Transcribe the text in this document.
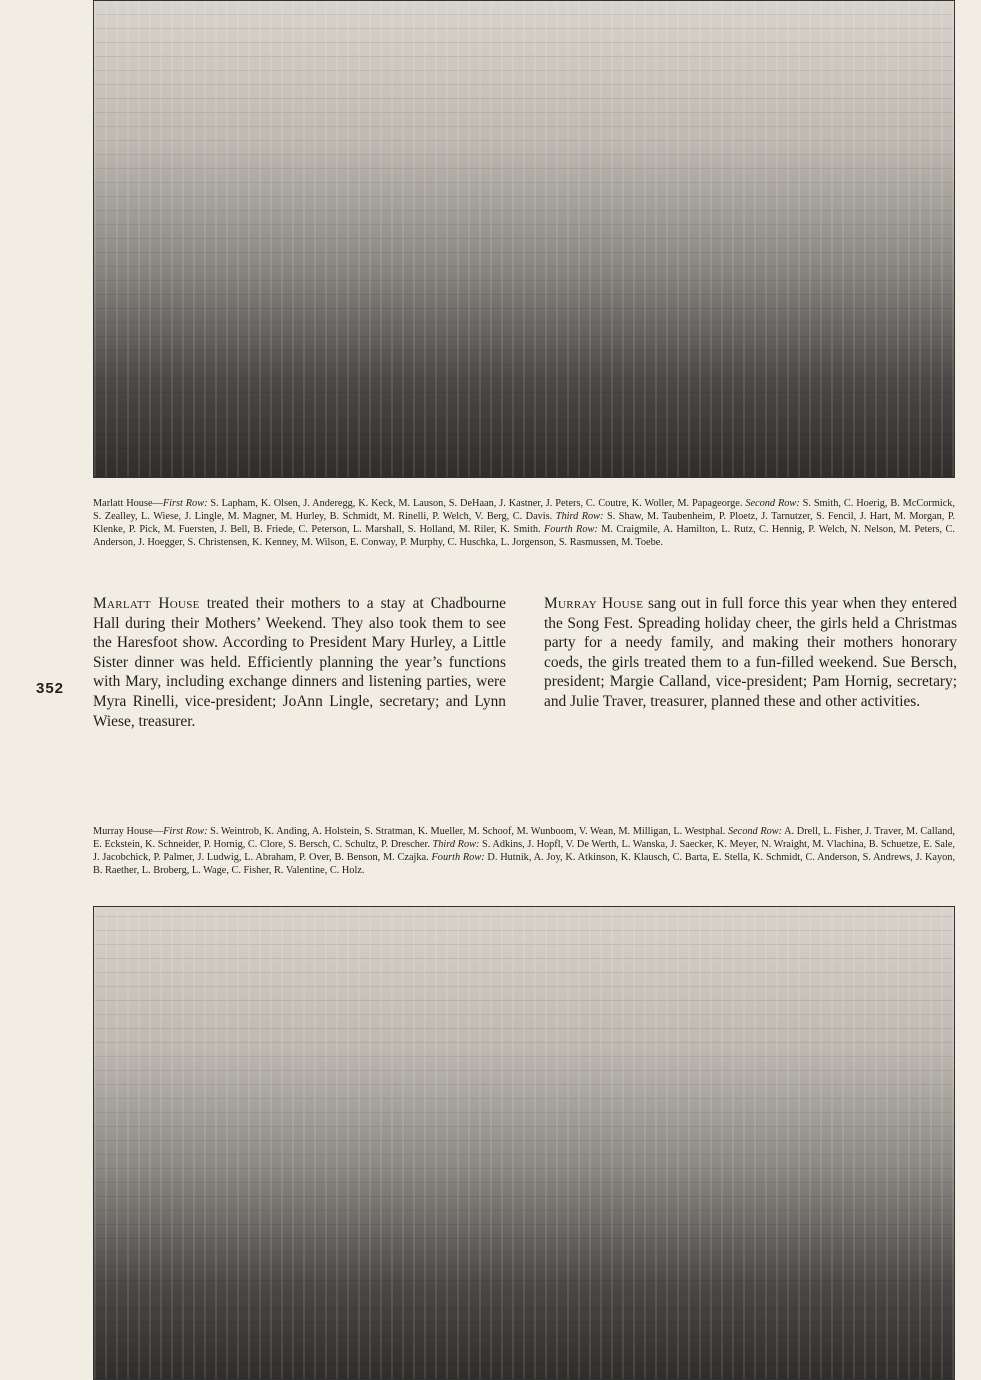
Marlatt House—First Row: S. Lapham, K. Olsen, J. Anderegg, K. Keck, M. Lauson, S. DeHaan, J. Kastner, J. Peters, C. Coutre, K. Woller, M. Papageorge. Second Row: S. Smith, C. Hoerig, B. McCormick, S. Zealley, L. Wiese, J. Lingle, M. Magner, M. Hurley, B. Schmidt, M. Rinelli, P. Welch, V. Berg, C. Davis. Third Row: S. Shaw, M. Taubenheim, P. Ploetz, J. Tarnutzer, S. Fencil, J. Hart, M. Morgan, P. Klenke, P. Pick, M. Fuersten, J. Bell, B. Friede, C. Peterson, L. Marshall, S. Holland, M. Riler, K. Smith. Fourth Row: M. Craigmile, A. Hamilton, L. Rutz, C. Hennig, P. Welch, N. Nelson, M. Peters, C. Anderson, J. Hoegger, S. Christensen, K. Kenney, M. Wilson, E. Conway, P. Murphy, C. Huschka, L. Jorgenson, S. Rasmussen, M. Toebe.

Marlatt House treated their mothers to a stay at Chadbourne Hall during their Mothers’ Weekend. They also took them to see the Haresfoot show. According to President Mary Hurley, a Little Sister dinner was held. Efficiently planning the year’s functions with Mary, including exchange dinners and listening parties, were Myra Rinelli, vice-president; JoAnn Lingle, secretary; and Lynn Wiese, treasurer.

Murray House sang out in full force this year when they entered the Song Fest. Spreading holiday cheer, the girls held a Christmas party for a needy family, and making their mothers honorary coeds, the girls treated them to a fun-filled weekend. Sue Bersch, president; Margie Calland, vice-president; Pam Hornig, secretary; and Julie Traver, treasurer, planned these and other activities.

352

Murray House—First Row: S. Weintrob, K. Anding, A. Holstein, S. Stratman, K. Mueller, M. Schoof, M. Wunboom, V. Wean, M. Milligan, L. Westphal. Second Row: A. Drell, L. Fisher, J. Traver, M. Calland, E. Eckstein, K. Schneider, P. Hornig, C. Clore, S. Bersch, C. Schultz, P. Drescher. Third Row: S. Adkins, J. Hopfl, V. De Werth, L. Wanska, J. Saecker, K. Meyer, N. Wraight, M. Vlachina, B. Schuetze, E. Sale, J. Jacobchick, P. Palmer, J. Ludwig, L. Abraham, P. Over, B. Benson, M. Czajka. Fourth Row: D. Hutnik, A. Joy, K. Atkinson, K. Klausch, C. Barta, E. Stella, K. Schmidt, C. Anderson, S. Andrews, J. Kayon, B. Raether, L. Broberg, L. Wage, C. Fisher, R. Valentine, C. Holz.
